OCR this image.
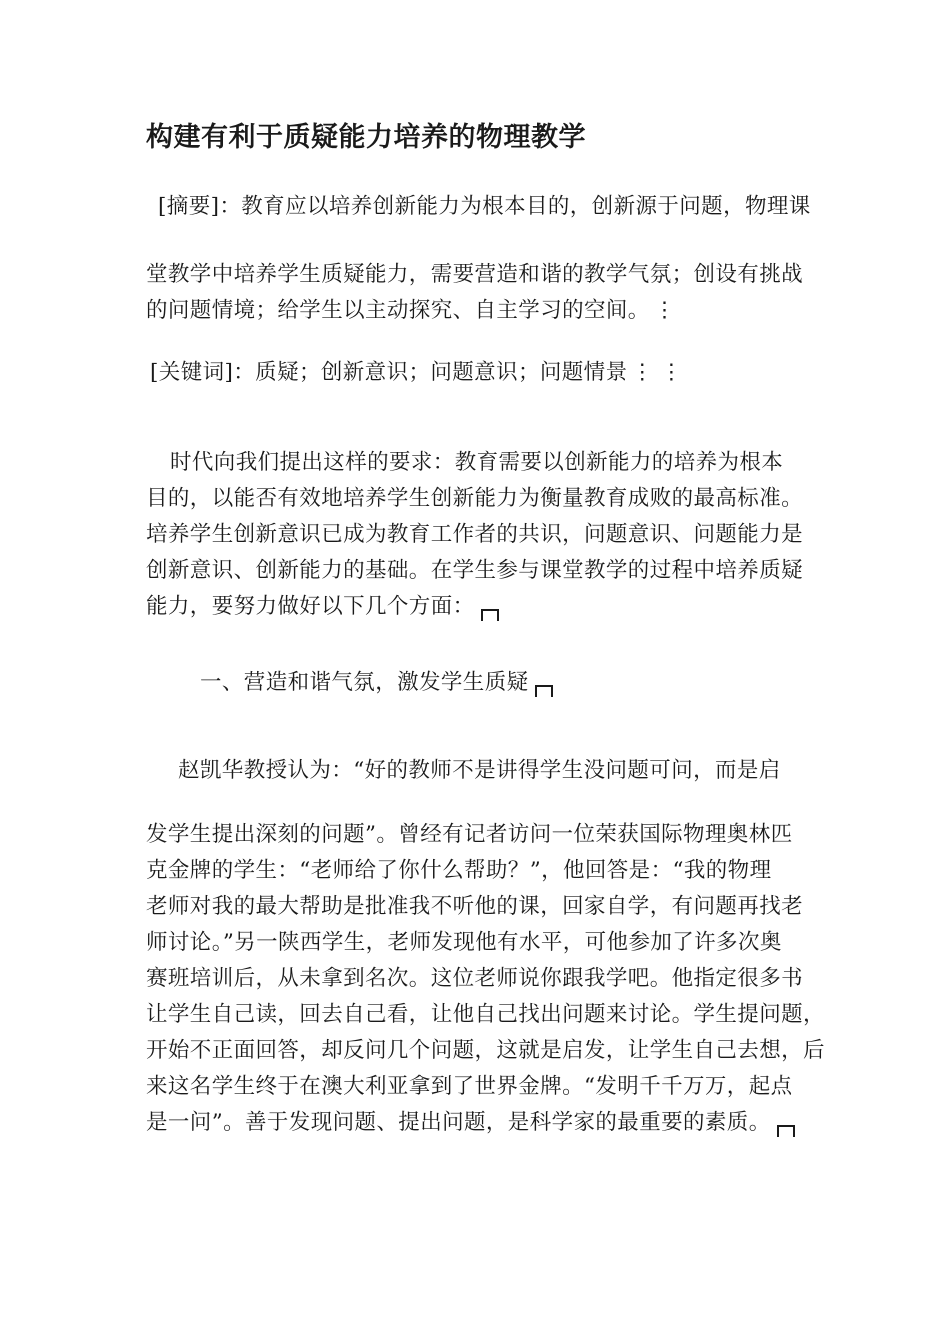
构建有利于质疑能力培养的物理教学
[摘要]：教育应以培养创新能力为根本目的，创新源于问题，物理课
堂教学中培养学生质疑能力，需要营造和谐的教学气氛；创设有挑战
的问题情境；给学生以主动探究、自主学习的空间。 ⋮
[关键词]：质疑；创新意识；问题意识；问题情景 ⋮ ⋮
时代向我们提出这样的要求：教育需要以创新能力的培养为根本
目的，以能否有效地培养学生创新能力为衡量教育成败的最高标准。
培养学生创新意识已成为教育工作者的共识，问题意识、问题能力是
创新意识、创新能力的基础。在学生参与课堂教学的过程中培养质疑
能力，要努力做好以下几个方面：
一、营造和谐气氛，激发学生质疑
赵凯华教授认为：“好的教师不是讲得学生没问题可问，而是启
发学生提出深刻的问题”。曾经有记者访问一位荣获国际物理奥林匹
克金牌的学生：“老师给了你什么帮助？”，他回答是：“我的物理
老师对我的最大帮助是批准我不听他的课，回家自学，有问题再找老
师讨论。”另一陕西学生，老师发现他有水平，可他参加了许多次奥
赛班培训后，从未拿到名次。这位老师说你跟我学吧。他指定很多书
让学生自己读，回去自己看，让他自己找出问题来讨论。学生提问题，
开始不正面回答，却反问几个问题，这就是启发，让学生自己去想，后
来这名学生终于在澳大利亚拿到了世界金牌。“发明千千万万，起点
是一问”。善于发现问题、提出问题，是科学家的最重要的素质。
